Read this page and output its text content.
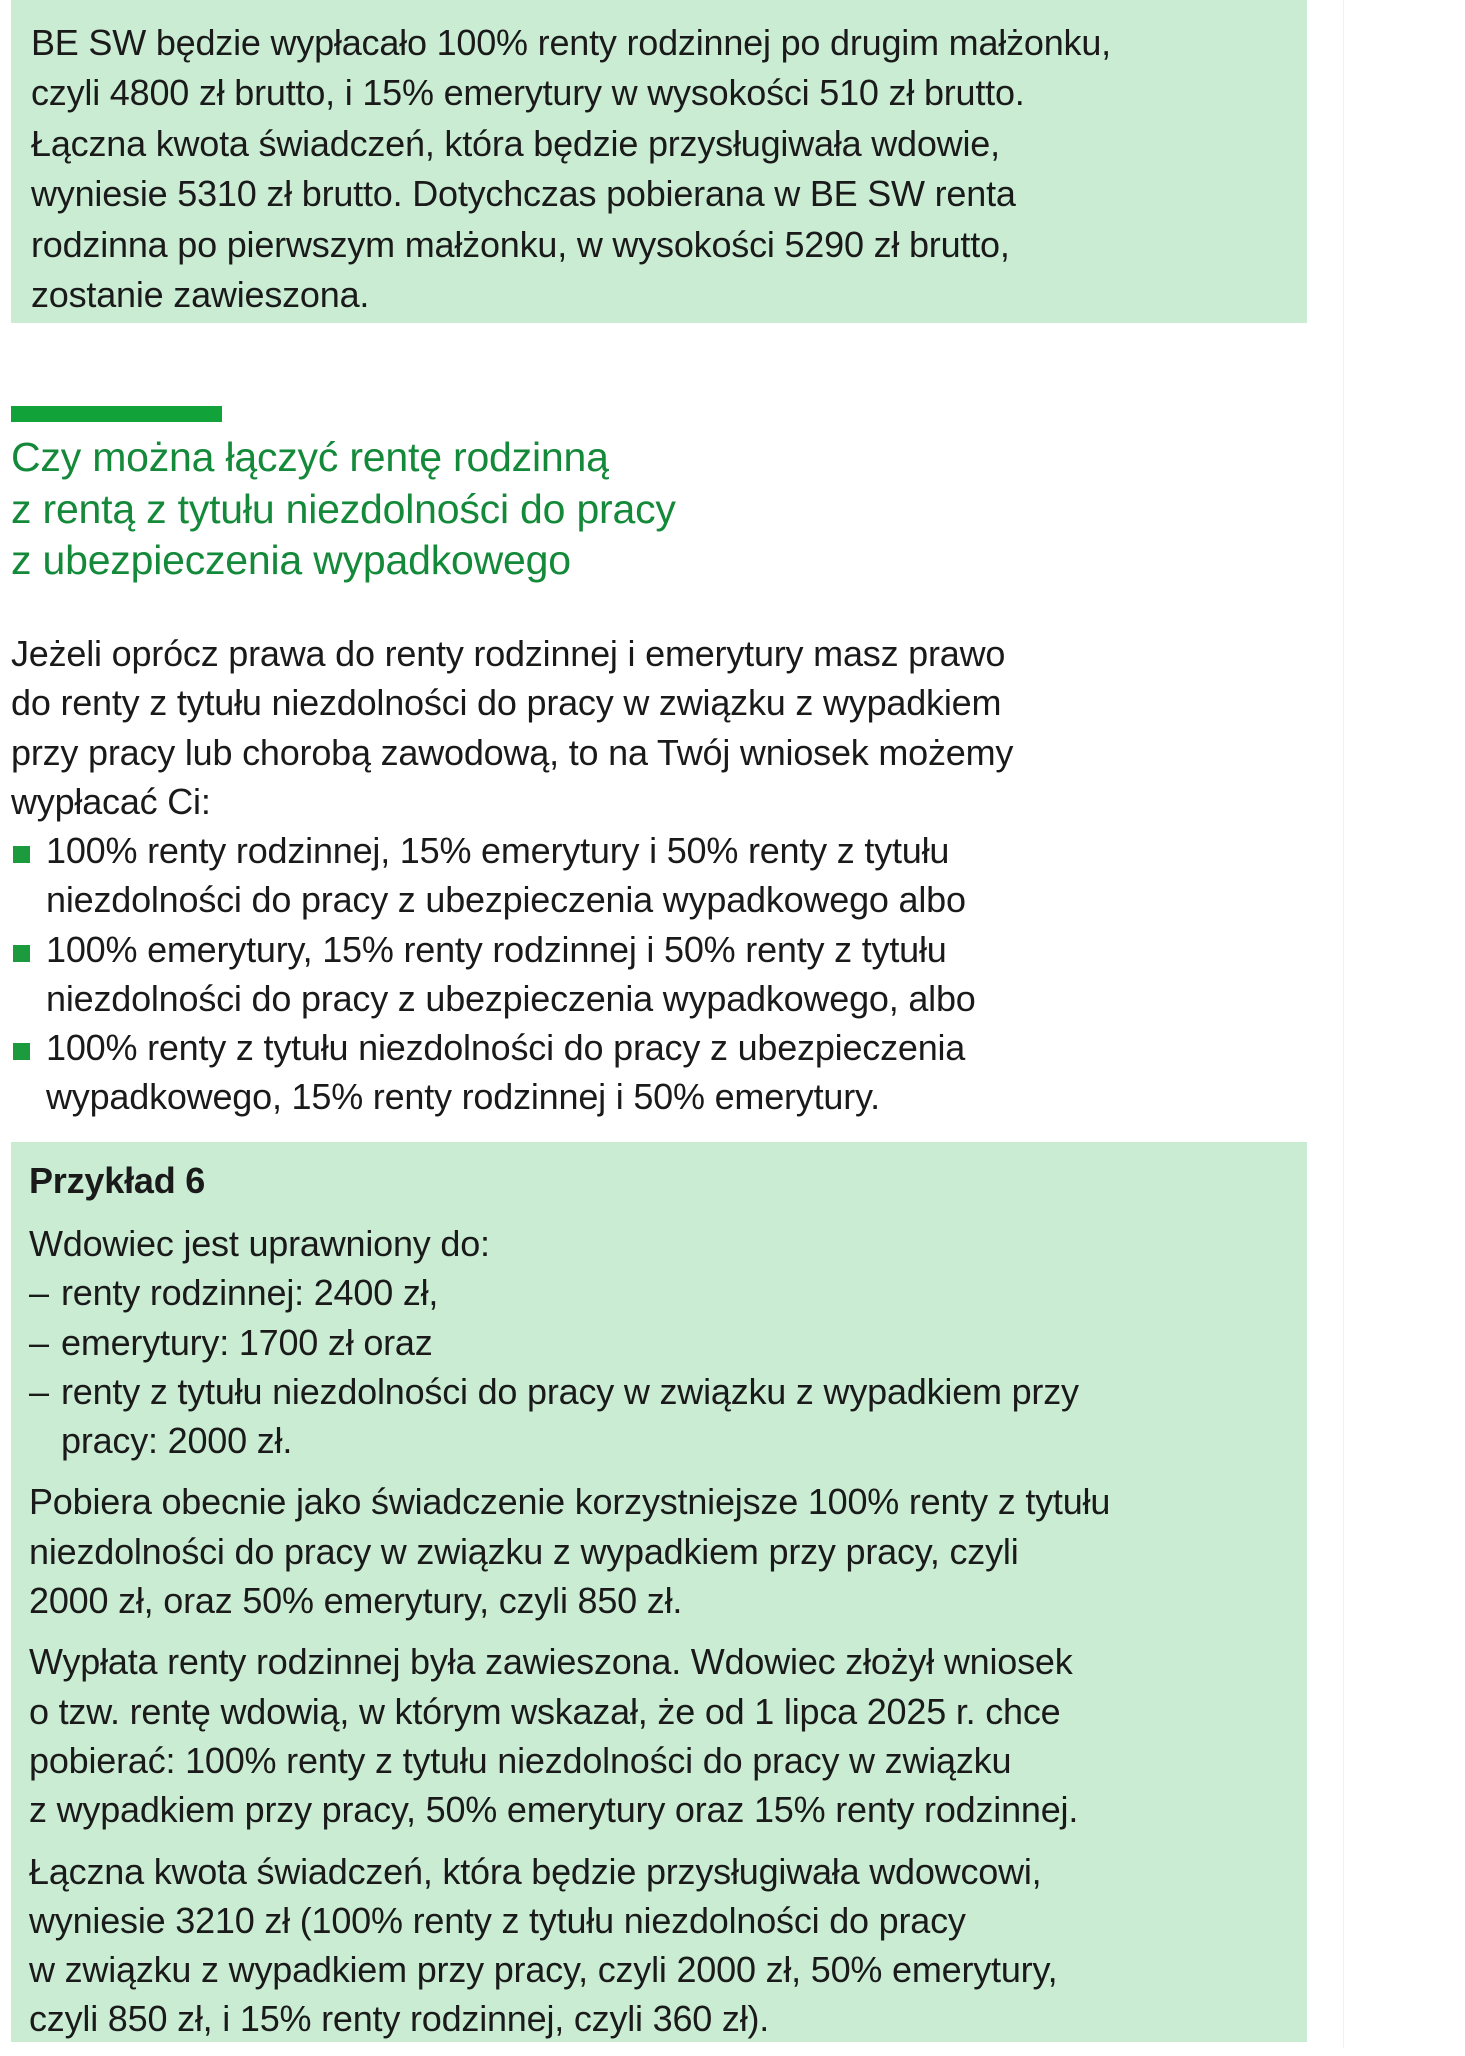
BE SW będzie wypłacało 100% renty rodzinnej po drugim małżonku,
czyli 4800 zł brutto, i 15% emerytury w wysokości 510 zł brutto.
Łączna kwota świadczeń, która będzie przysługiwała wdowie,
wyniesie 5310 zł brutto. Dotychczas pobierana w BE SW renta
rodzinna po pierwszym małżonku, w wysokości 5290 zł brutto,
zostanie zawieszona.
Czy można łączyć rentę rodzinną
z rentą z tytułu niezdolności do pracy
z ubezpieczenia wypadkowego
Jeżeli oprócz prawa do renty rodzinnej i emerytury masz prawo
do renty z tytułu niezdolności do pracy w związku z wypadkiem
przy pracy lub chorobą zawodową, to na Twój wniosek możemy
wypłacać Ci:
100% renty rodzinnej, 15% emerytury i 50% renty z tytułu
niezdolności do pracy z ubezpieczenia wypadkowego albo
100% emerytury, 15% renty rodzinnej i 50% renty z tytułu
niezdolności do pracy z ubezpieczenia wypadkowego, albo
100% renty z tytułu niezdolności do pracy z ubezpieczenia
wypadkowego, 15% renty rodzinnej i 50% emerytury.
Przykład 6
Wdowiec jest uprawniony do:
– renty rodzinnej: 2400 zł,
– emerytury: 1700 zł oraz
– renty z tytułu niezdolności do pracy w związku z wypadkiem przy
pracy: 2000 zł.
Pobiera obecnie jako świadczenie korzystniejsze 100% renty z tytułu
niezdolności do pracy w związku z wypadkiem przy pracy, czyli
2000 zł, oraz 50% emerytury, czyli 850 zł.
Wypłata renty rodzinnej była zawieszona. Wdowiec złożył wniosek
o tzw. rentę wdowią, w którym wskazał, że od 1 lipca 2025 r. chce
pobierać: 100% renty z tytułu niezdolności do pracy w związku
z wypadkiem przy pracy, 50% emerytury oraz 15% renty rodzinnej.
Łączna kwota świadczeń, która będzie przysługiwała wdowcowi,
wyniesie 3210 zł (100% renty z tytułu niezdolności do pracy
w związku z wypadkiem przy pracy, czyli 2000 zł, 50% emerytury,
czyli 850 zł, i 15% renty rodzinnej, czyli 360 zł).
